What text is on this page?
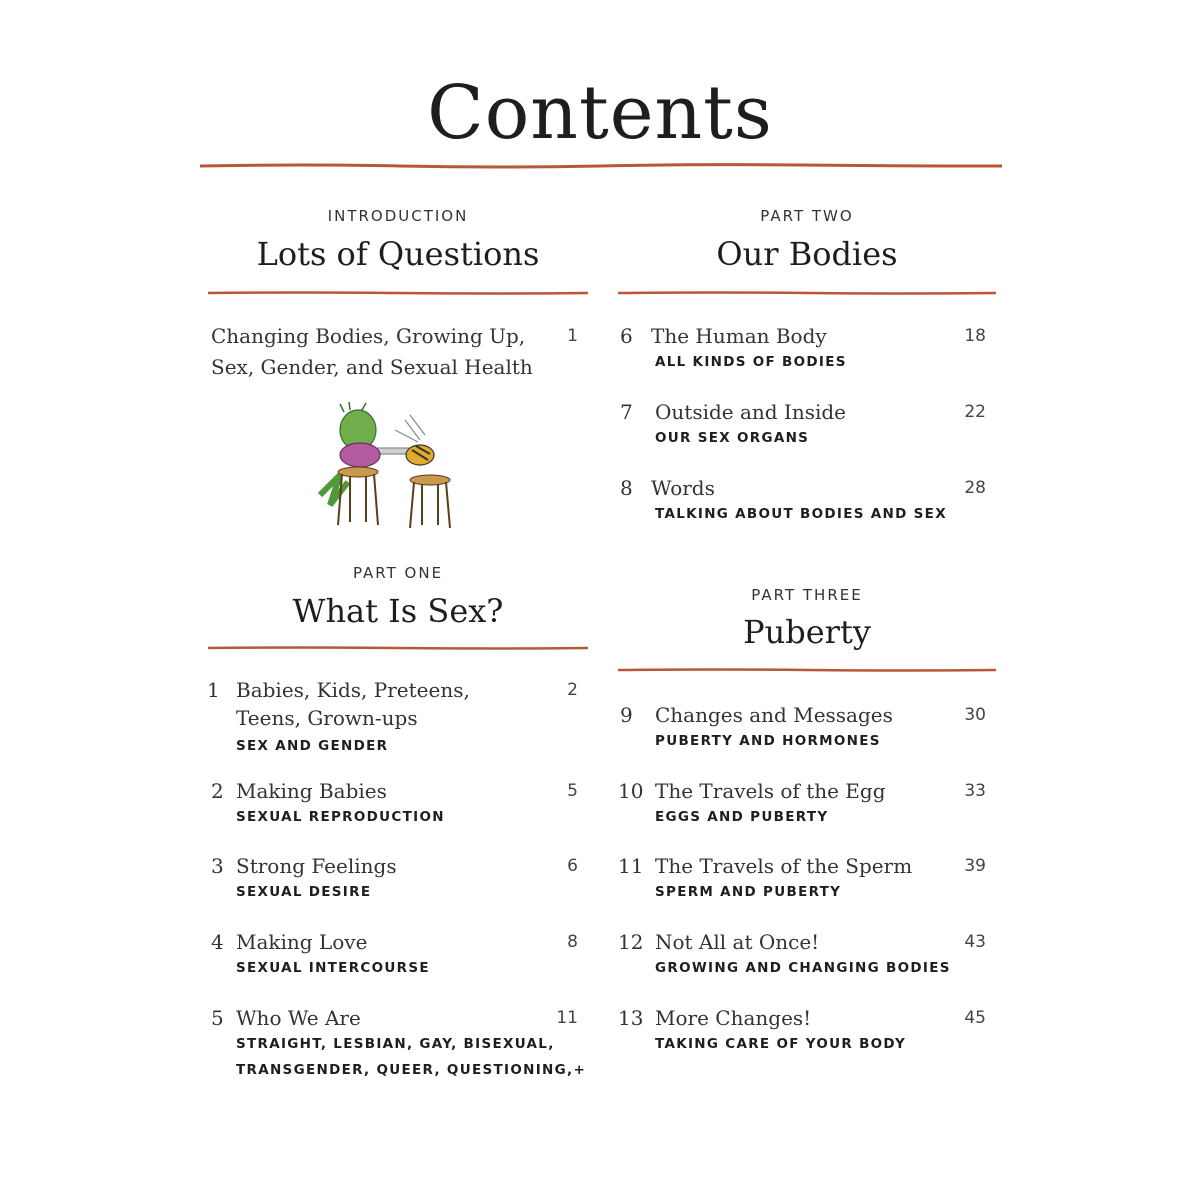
Contents
INTRODUCTION
Lots of Questions
Changing Bodies, Growing Up,
Sex, Gender, and Sexual Health
1
PART ONE
What Is Sex?
1 Babies, Kids, Preteens,
Teens, Grown-ups
SEX AND GENDER
2
2 Making Babies
SEXUAL REPRODUCTION
5
3 Strong Feelings
SEXUAL DESIRE
6
4 Making Love
SEXUAL INTERCOURSE
8
5 Who We Are
STRAIGHT, LESBIAN, GAY, BISEXUAL,
TRANSGENDER, QUEER, QUESTIONING,+
11
PART TWO
Our Bodies
6 The Human Body
ALL KINDS OF BODIES
18
7 Outside and Inside
OUR SEX ORGANS
22
8 Words
TALKING ABOUT BODIES AND SEX
28
PART THREE
Puberty
9 Changes and Messages
PUBERTY AND HORMONES
30
10 The Travels of the Egg
EGGS AND PUBERTY
33
11 The Travels of the Sperm
SPERM AND PUBERTY
39
12 Not All at Once!
GROWING AND CHANGING BODIES
43
13 More Changes!
TAKING CARE OF YOUR BODY
45
